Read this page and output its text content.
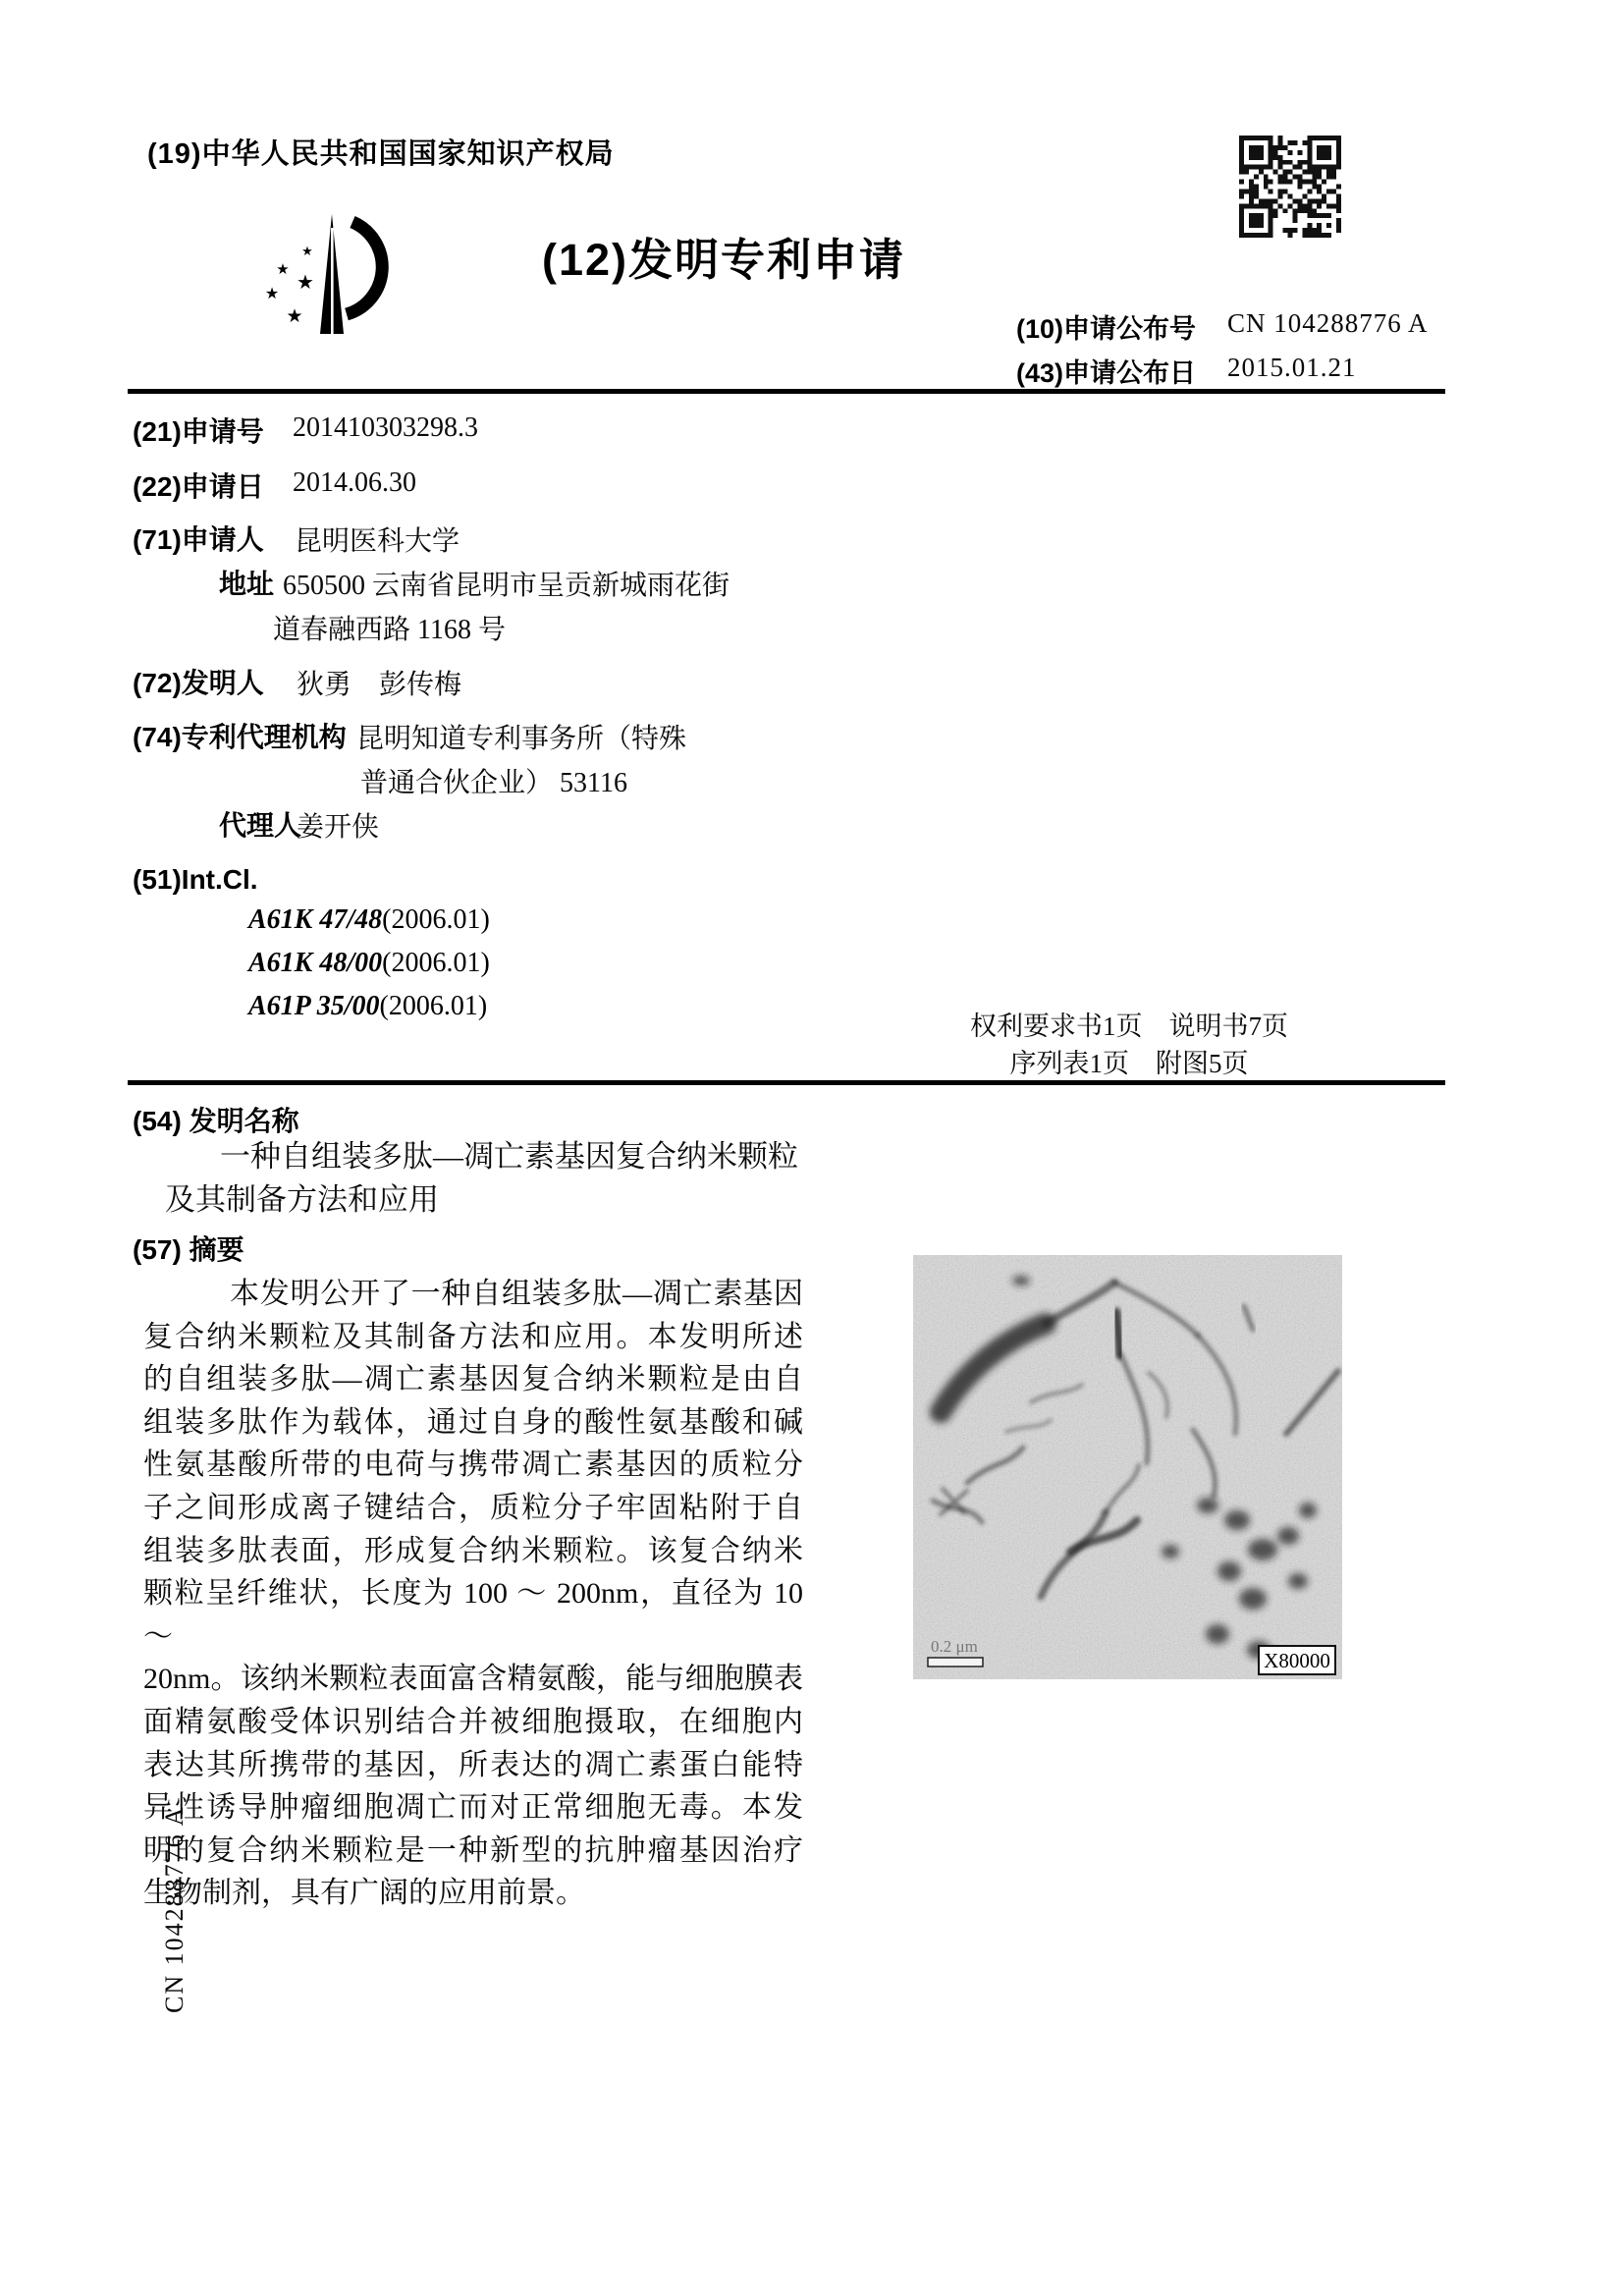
(19)中华人民共和国国家知识产权局
★
★
★
★
★
(12)发明专利申请
(10)申请公布号 CN 104288776 A
(43)申请公布日 2015.01.21
(21)申请号 201410303298.3
(22)申请日 2014.06.30
(71)申请人 昆明医科大学
地址 650500 云南省昆明市呈贡新城雨花街
道春融西路 1168 号
(72)发明人 狄勇　彭传梅
(74)专利代理机构 昆明知道专利事务所（特殊
普通合伙企业） 53116
代理人
姜开侠
(51)Int.Cl.
A61K 47/48(2006.01)
A61K 48/00(2006.01)
A61P 35/00(2006.01)
权利要求书1页　说明书7页
序列表1页　附图5页
(54) 发明名称
一种自组装多肽—凋亡素基因复合纳米颗粒
及其制备方法和应用
(57) 摘要
本发明公开了一种自组装多肽—凋亡素基因
复合纳米颗粒及其制备方法和应用。本发明所述
的自组装多肽—凋亡素基因复合纳米颗粒是由自
组装多肽作为载体，通过自身的酸性氨基酸和碱
性氨基酸所带的电荷与携带凋亡素基因的质粒分
子之间形成离子键结合，质粒分子牢固粘附于自
组装多肽表面，形成复合纳米颗粒。该复合纳米
颗粒呈纤维状，长度为 100 ～ 200nm，直径为 10 ～
20nm。该纳米颗粒表面富含精氨酸，能与细胞膜表
面精氨酸受体识别结合并被细胞摄取，在细胞内
表达其所携带的基因，所表达的凋亡素蛋白能特
异性诱导肿瘤细胞凋亡而对正常细胞无毒。本发
明的复合纳米颗粒是一种新型的抗肿瘤基因治疗
生物制剂，具有广阔的应用前景。
0.2 μm
X80000
CN 104288776 A
